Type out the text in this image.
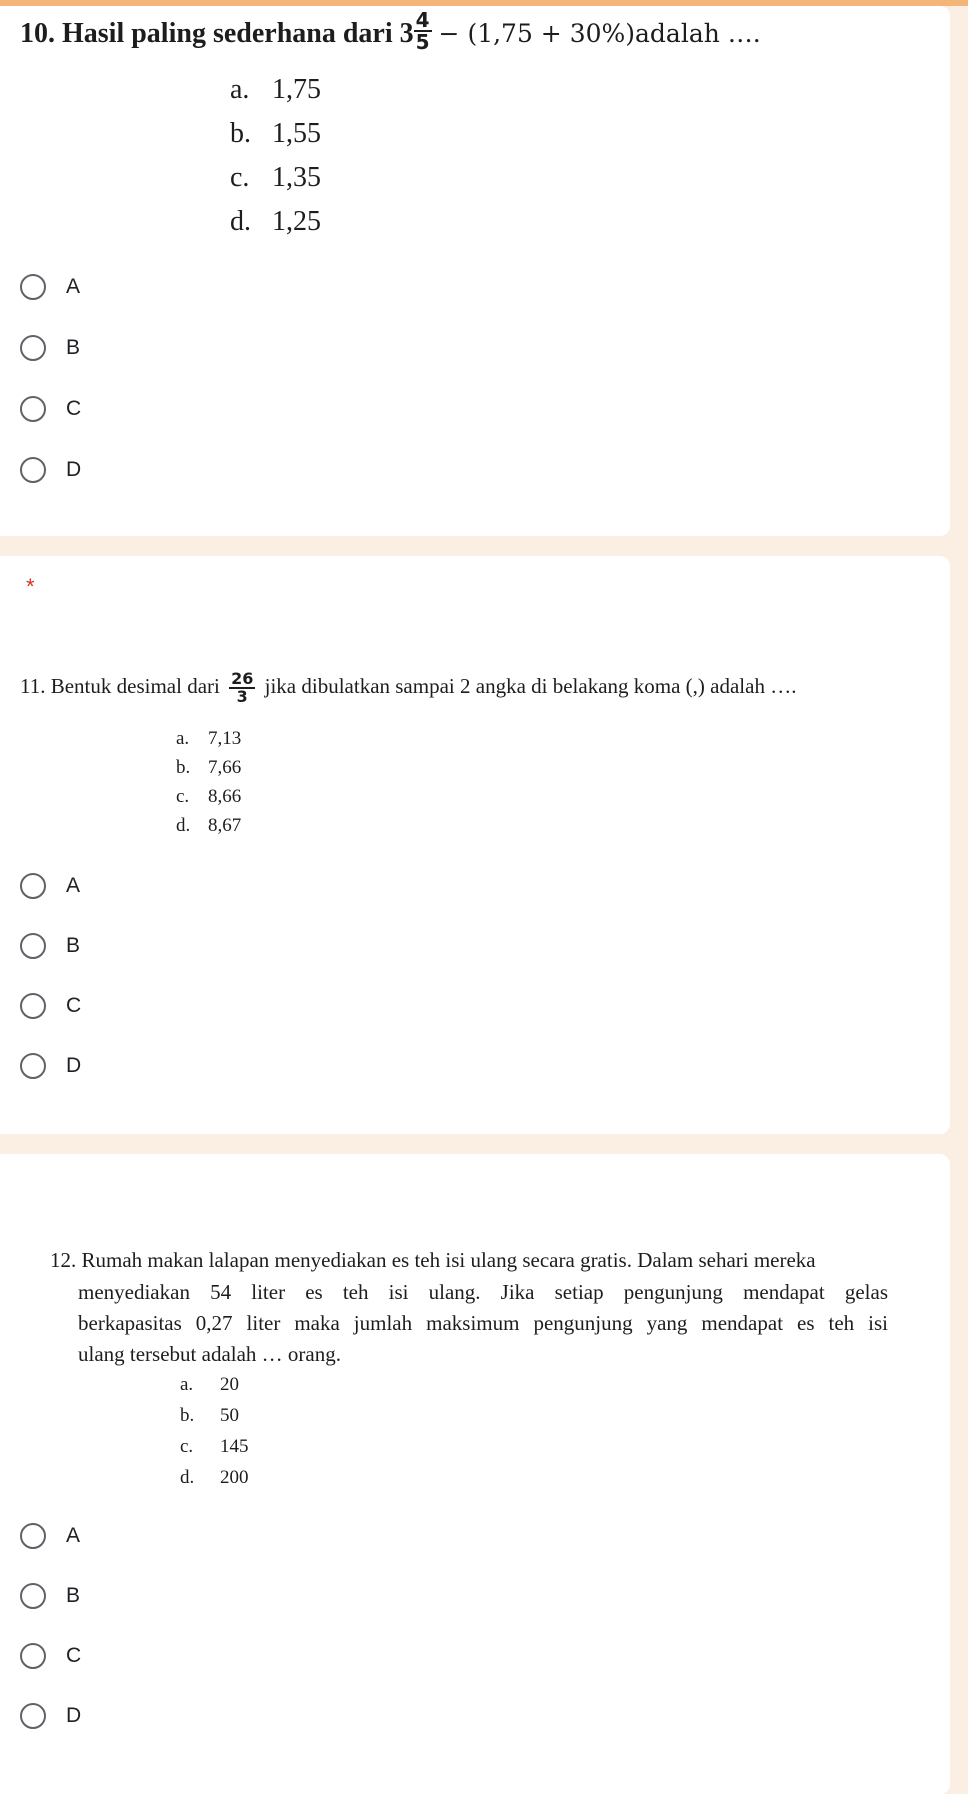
10. Hasil paling sederhana dari $3 \frac{4}{5} - (1,75$ + 30%)adalah ….
a. 1,75
b. 1,55
c. 1,35
d. 1,25
A
B
C
D
*
11. Bentuk desimal dari $\frac{26}{3}$ jika dibulatkan sampai 2 angka di belakang koma (,) adalah ….
a. 7,13
b. 7,66
c. 8,66
d. 8,67
A
B
C
D
12. Rumah makan lalapan menyediakan es teh isi ulang secara gratis. Dalam sehari mereka
menyediakan 54 liter es teh isi ulang. Jika setiap pengunjung mendapat gelas
berkapasitas 0,27 liter maka jumlah maksimum pengunjung yang mendapat es teh isi
ulang tersebut adalah … orang.
a. 20
b. 50
c. 145
d. 200
A
B
C
D
